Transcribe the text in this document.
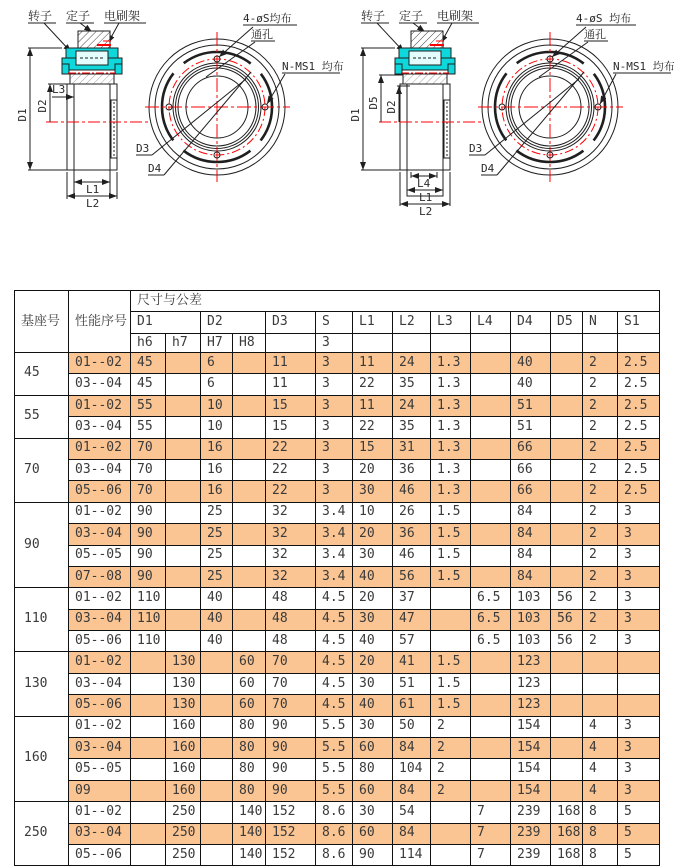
转子 定子 电刷架
D1
D2
L3
L1
L2
4-øS均布
通孔
N-MS1 均布
D3
D4
转子 定子 电刷架
D1
D5 D2
L4
L1
L2
4-øS 均布
通孔
N-MS1 均布
D3
D4
基座号	性能序号	尺寸与公差													
		D1		D2		D3	S	L1	L2	L3	L4	D4	D5	N	S1
		h6	h7	H7	H8		3								
45	01--02	45		6		11	3	11	24	1.3		40		2	2.5
	03--04	45		6		11	3	22	35	1.3		40		2	2.5
55	01--02	55		10		15	3	11	24	1.3		51		2	2.5
	03--04	55		10		15	3	22	35	1.3		51		2	2.5
70	01--02	70		16		22	3	15	31	1.3		66		2	2.5
	03--04	70		16		22	3	20	36	1.3		66		2	2.5
	05--06	70		16		22	3	30	46	1.3		66		2	2.5
90	01--02	90		25		32	3.4	10	26	1.5		84		2	3
	03--04	90		25		32	3.4	20	36	1.5		84		2	3
	05--05	90		25		32	3.4	30	46	1.5		84		2	3
	07--08	90		25		32	3.4	40	56	1.5		84		2	3
110	01--02	110		40		48	4.5	20	37		6.5	103	56	2	3
	03--04	110		40		48	4.5	30	47		6.5	103	56	2	3
	05--06	110		40		48	4.5	40	57		6.5	103	56	2	3
130	01--02		130		60	70	4.5	20	41	1.5		123			
	03--04		130		60	70	4.5	30	51	1.5		123			
	05--06		130		60	70	4.5	40	61	1.5		123			
160	01--02		160		80	90	5.5	30	50	2		154		4	3
	03--04		160		80	90	5.5	60	84	2		154		4	3
	05--05		160		80	90	5.5	80	104	2		154		4	3
	09		160		80	90	5.5	60	84	2		154		4	3
250	01--02		250		140	152	8.6	30	54		7	239	168	8	5
	03--04		250		140	152	8.6	60	84		7	239	168	8	5
	05--06		250		140	152	8.6	90	114		7	239	168	8	5
